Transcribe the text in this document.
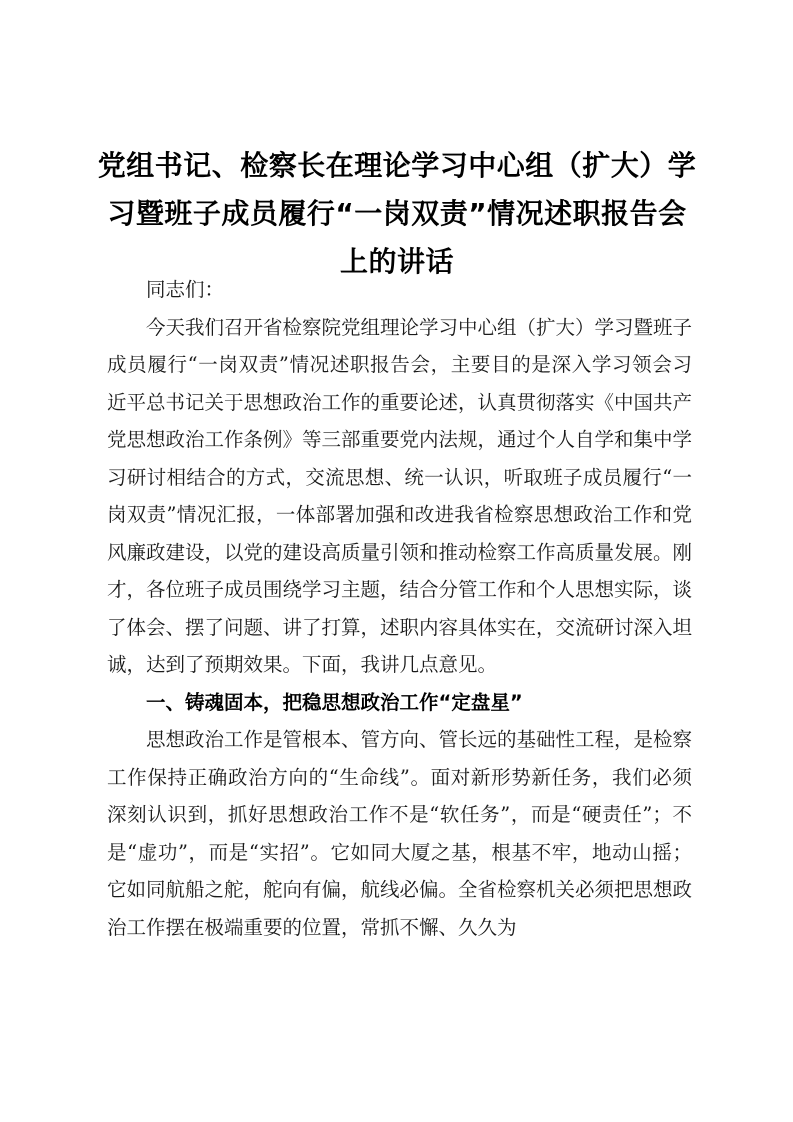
党组书记、检察长在理论学习中心组（扩大）学习暨班子成员履行“一岗双责”情况述职报告会上的讲话

同志们：

今天我们召开省检察院党组理论学习中心组（扩大）学习暨班子成员履行“一岗双责”情况述职报告会，主要目的是深入学习领会习近平总书记关于思想政治工作的重要论述，认真贯彻落实《中国共产党思想政治工作条例》等三部重要党内法规，通过个人自学和集中学习研讨相结合的方式，交流思想、统一认识，听取班子成员履行“一岗双责”情况汇报，一体部署加强和改进我省检察思想政治工作和党风廉政建设，以党的建设高质量引领和推动检察工作高质量发展。刚才，各位班子成员围绕学习主题，结合分管工作和个人思想实际，谈了体会、摆了问题、讲了打算，述职内容具体实在，交流研讨深入坦诚，达到了预期效果。下面，我讲几点意见。

一、铸魂固本，把稳思想政治工作“定盘星”

思想政治工作是管根本、管方向、管长远的基础性工程，是检察工作保持正确政治方向的“生命线”。面对新形势新任务，我们必须深刻认识到，抓好思想政治工作不是“软任务”，而是“硬责任”；不是“虚功”，而是“实招”。它如同大厦之基，根基不牢，地动山摇；它如同航船之舵，舵向有偏，航线必偏。全省检察机关必须把思想政治工作摆在极端重要的位置，常抓不懈、久久为
